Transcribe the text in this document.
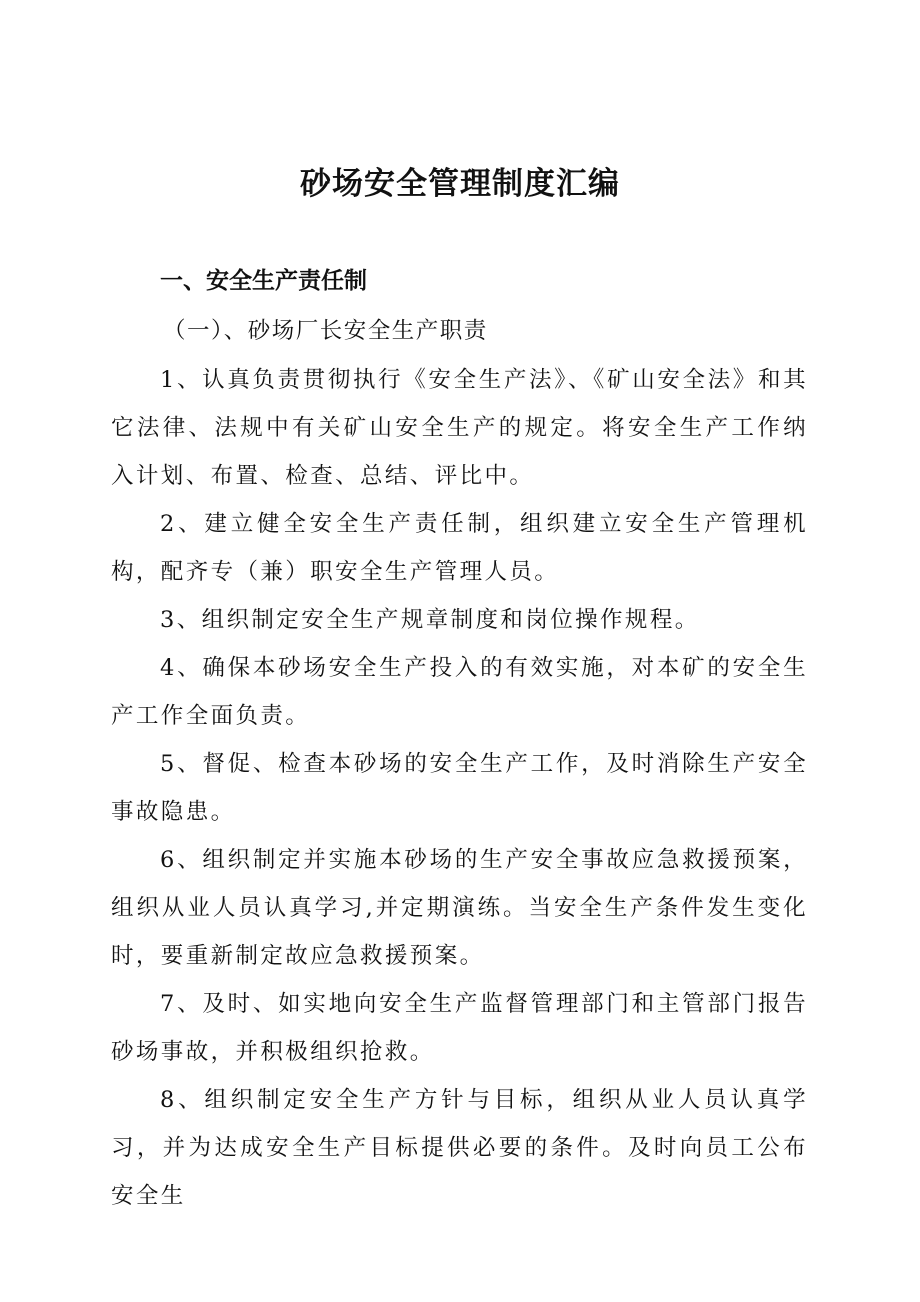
砂场安全管理制度汇编
一、安全生产责任制

（一）、砂场厂长安全生产职责

1、认真负责贯彻执行《安全生产法》、《矿山安全法》和其它法律、法规中有关矿山安全生产的规定。将安全生产工作纳入计划、布置、检查、总结、评比中。

2、建立健全安全生产责任制，组织建立安全生产管理机构，配齐专（兼）职安全生产管理人员。

3、组织制定安全生产规章制度和岗位操作规程。

4、确保本砂场安全生产投入的有效实施，对本矿的安全生产工作全面负责。

5、督促、检查本砂场的安全生产工作，及时消除生产安全事故隐患。

6、组织制定并实施本砂场的生产安全事故应急救援预案，组织从业人员认真学习,并定期演练。当安全生产条件发生变化时，要重新制定故应急救援预案。

7、及时、如实地向安全生产监督管理部门和主管部门报告砂场事故，并积极组织抢救。

8、组织制定安全生产方针与目标，组织从业人员认真学习，并为达成安全生产目标提供必要的条件。及时向员工公布安全生
